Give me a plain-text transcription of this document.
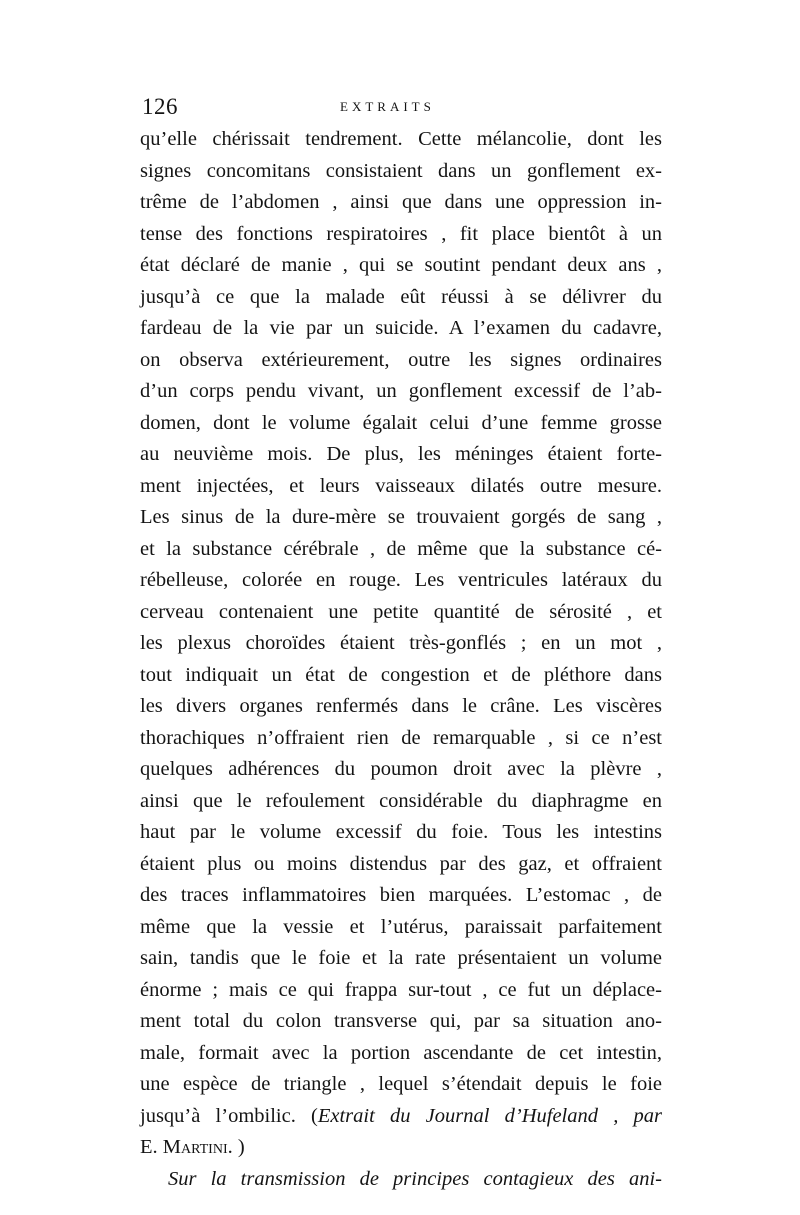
126	EXTRAITS
qu’elle chérissait tendrement. Cette mélancolie, dont les
signes concomitans consistaient dans un gonflement ex-
trême de l’abdomen , ainsi que dans une oppression in-
tense des fonctions respiratoires , fit place bientôt à un
état déclaré de manie , qui se soutint pendant deux ans ,
jusqu’à ce que la malade eût réussi à se délivrer du
fardeau de la vie par un suicide. A l’examen du cadavre,
on observa extérieurement, outre les signes ordinaires
d’un corps pendu vivant, un gonflement excessif de l’ab-
domen, dont le volume égalait celui d’une femme grosse
au neuvième mois. De plus, les méninges étaient forte-
ment injectées, et leurs vaisseaux dilatés outre mesure.
Les sinus de la dure-mère se trouvaient gorgés de sang ,
et la substance cérébrale , de même que la substance cé-
rébelleuse, colorée en rouge. Les ventricules latéraux du
cerveau contenaient une petite quantité de sérosité , et
les plexus choroïdes étaient très-gonflés ; en un mot ,
tout indiquait un état de congestion et de pléthore dans
les divers organes renfermés dans le crâne. Les viscères
thorachiques n’offraient rien de remarquable , si ce n’est
quelques adhérences du poumon droit avec la plèvre ,
ainsi que le refoulement considérable du diaphragme en
haut par le volume excessif du foie. Tous les intestins
étaient plus ou moins distendus par des gaz, et offraient
des traces inflammatoires bien marquées. L’estomac , de
même que la vessie et l’utérus, paraissait parfaitement
sain, tandis que le foie et la rate présentaient un volume
énorme ; mais ce qui frappa sur-tout , ce fut un déplace-
ment total du colon transverse qui, par sa situation ano-
male, formait avec la portion ascendante de cet intestin,
une espèce de triangle , lequel s’étendait depuis le foie
jusqu’à l’ombilic. (Extrait du Journal d’Hufeland , par
E. Martini. )
Sur la transmission de principes contagieux des ani-
